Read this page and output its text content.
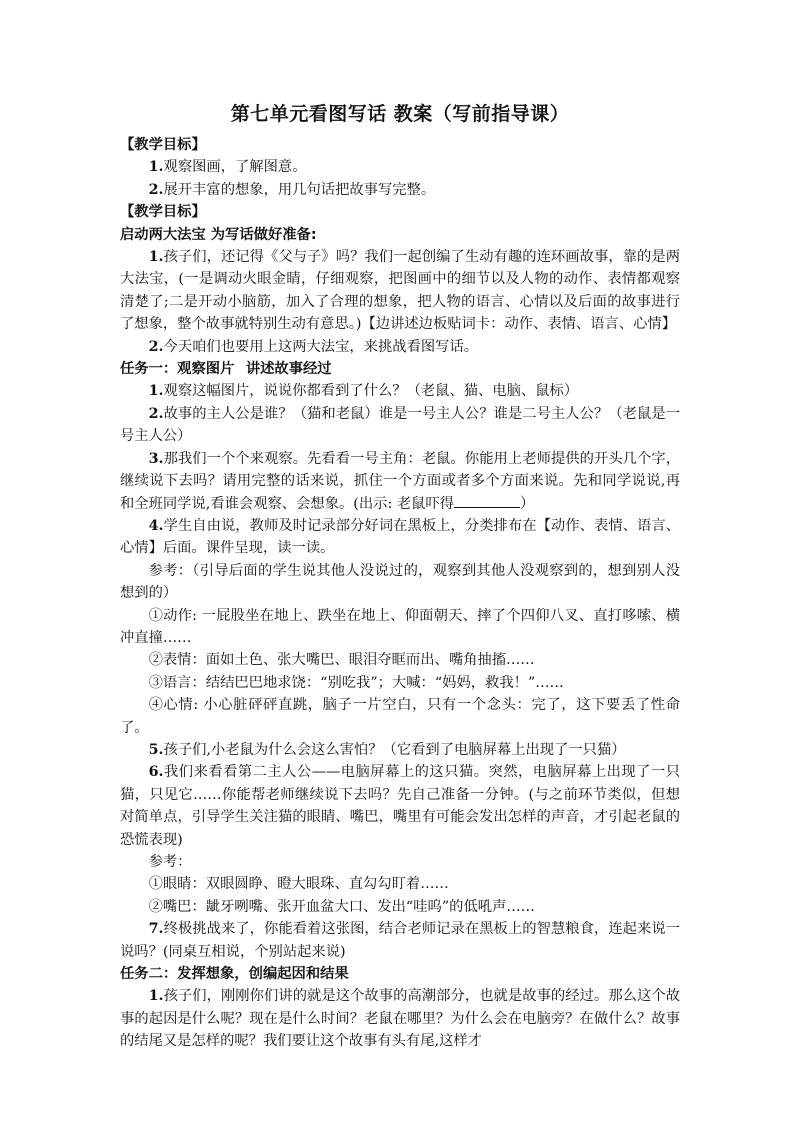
第七单元看图写话 教案（写前指导课）
【教学目标】
1.观察图画，了解图意。
2.展开丰富的想象，用几句话把故事写完整。
【教学目标】
启动两大法宝 为写话做好准备:
1.孩子们，还记得《父与子》吗？我们一起创编了生动有趣的连环画故事，靠的是两大法宝，(一是调动火眼金睛，仔细观察，把图画中的细节以及人物的动作、表情都观察清楚了;二是开动小脑筋，加入了合理的想象，把人物的语言、心情以及后面的故事进行了想象，整个故事就特别生动有意思。)【边讲述边板贴词卡：动作、表情、语言、心情】
2.今天咱们也要用上这两大法宝，来挑战看图写话。
任务一：观察图片 讲述故事经过
1.观察这幅图片，说说你都看到了什么？（老鼠、猫、电脑、鼠标）
2.故事的主人公是谁？（猫和老鼠）谁是一号主人公？谁是二号主人公？（老鼠是一号主人公）
3.那我们一个个来观察。先看看一号主角：老鼠。你能用上老师提供的开头几个字，继续说下去吗？请用完整的话来说，抓住一个方面或者多个方面来说。先和同学说说,再和全班同学说,看谁会观察、会想象。(出示: 老鼠吓得	）
4.学生自由说，教师及时记录部分好词在黑板上，分类排布在【动作、表情、语言、心情】后面。课件呈现，读一读。
参考：（引导后面的学生说其他人没说过的，观察到其他人没观察到的，想到别人没想到的）
①动作: 一屁股坐在地上、跌坐在地上、仰面朝天、摔了个四仰八叉、直打哆嗦、横冲直撞……
②表情：面如土色、张大嘴巴、眼泪夺眶而出、嘴角抽搐……
③语言：结结巴巴地求饶：“别吃我”；大喊：“妈妈，救我！”……
④心情: 小心脏砰砰直跳，脑子一片空白，只有一个念头：完了，这下要丢了性命了。
5.孩子们,小老鼠为什么会这么害怕？（它看到了电脑屏幕上出现了一只猫）
6.我们来看看第二主人公——电脑屏幕上的这只猫。突然，电脑屏幕上出现了一只猫，只见它……你能帮老师继续说下去吗？先自己准备一分钟。(与之前环节类似，但想对简单点，引导学生关注猫的眼睛、嘴巴，嘴里有可能会发出怎样的声音，才引起老鼠的恐慌表现)
参考：
①眼睛：双眼圆睁、瞪大眼珠、直勾勾盯着……
②嘴巴：龇牙咧嘴、张开血盆大口、发出“哇呜”的低吼声……
7.终极挑战来了，你能看着这张图，结合老师记录在黑板上的智慧粮食，连起来说一说吗？(同桌互相说，个别站起来说)
任务二：发挥想象，创编起因和结果
1.孩子们，刚刚你们讲的就是这个故事的高潮部分，也就是故事的经过。那么这个故事的起因是什么呢？现在是什么时间？老鼠在哪里？为什么会在电脑旁？在做什么？故事的结尾又是怎样的呢？我们要让这个故事有头有尾,这样才
